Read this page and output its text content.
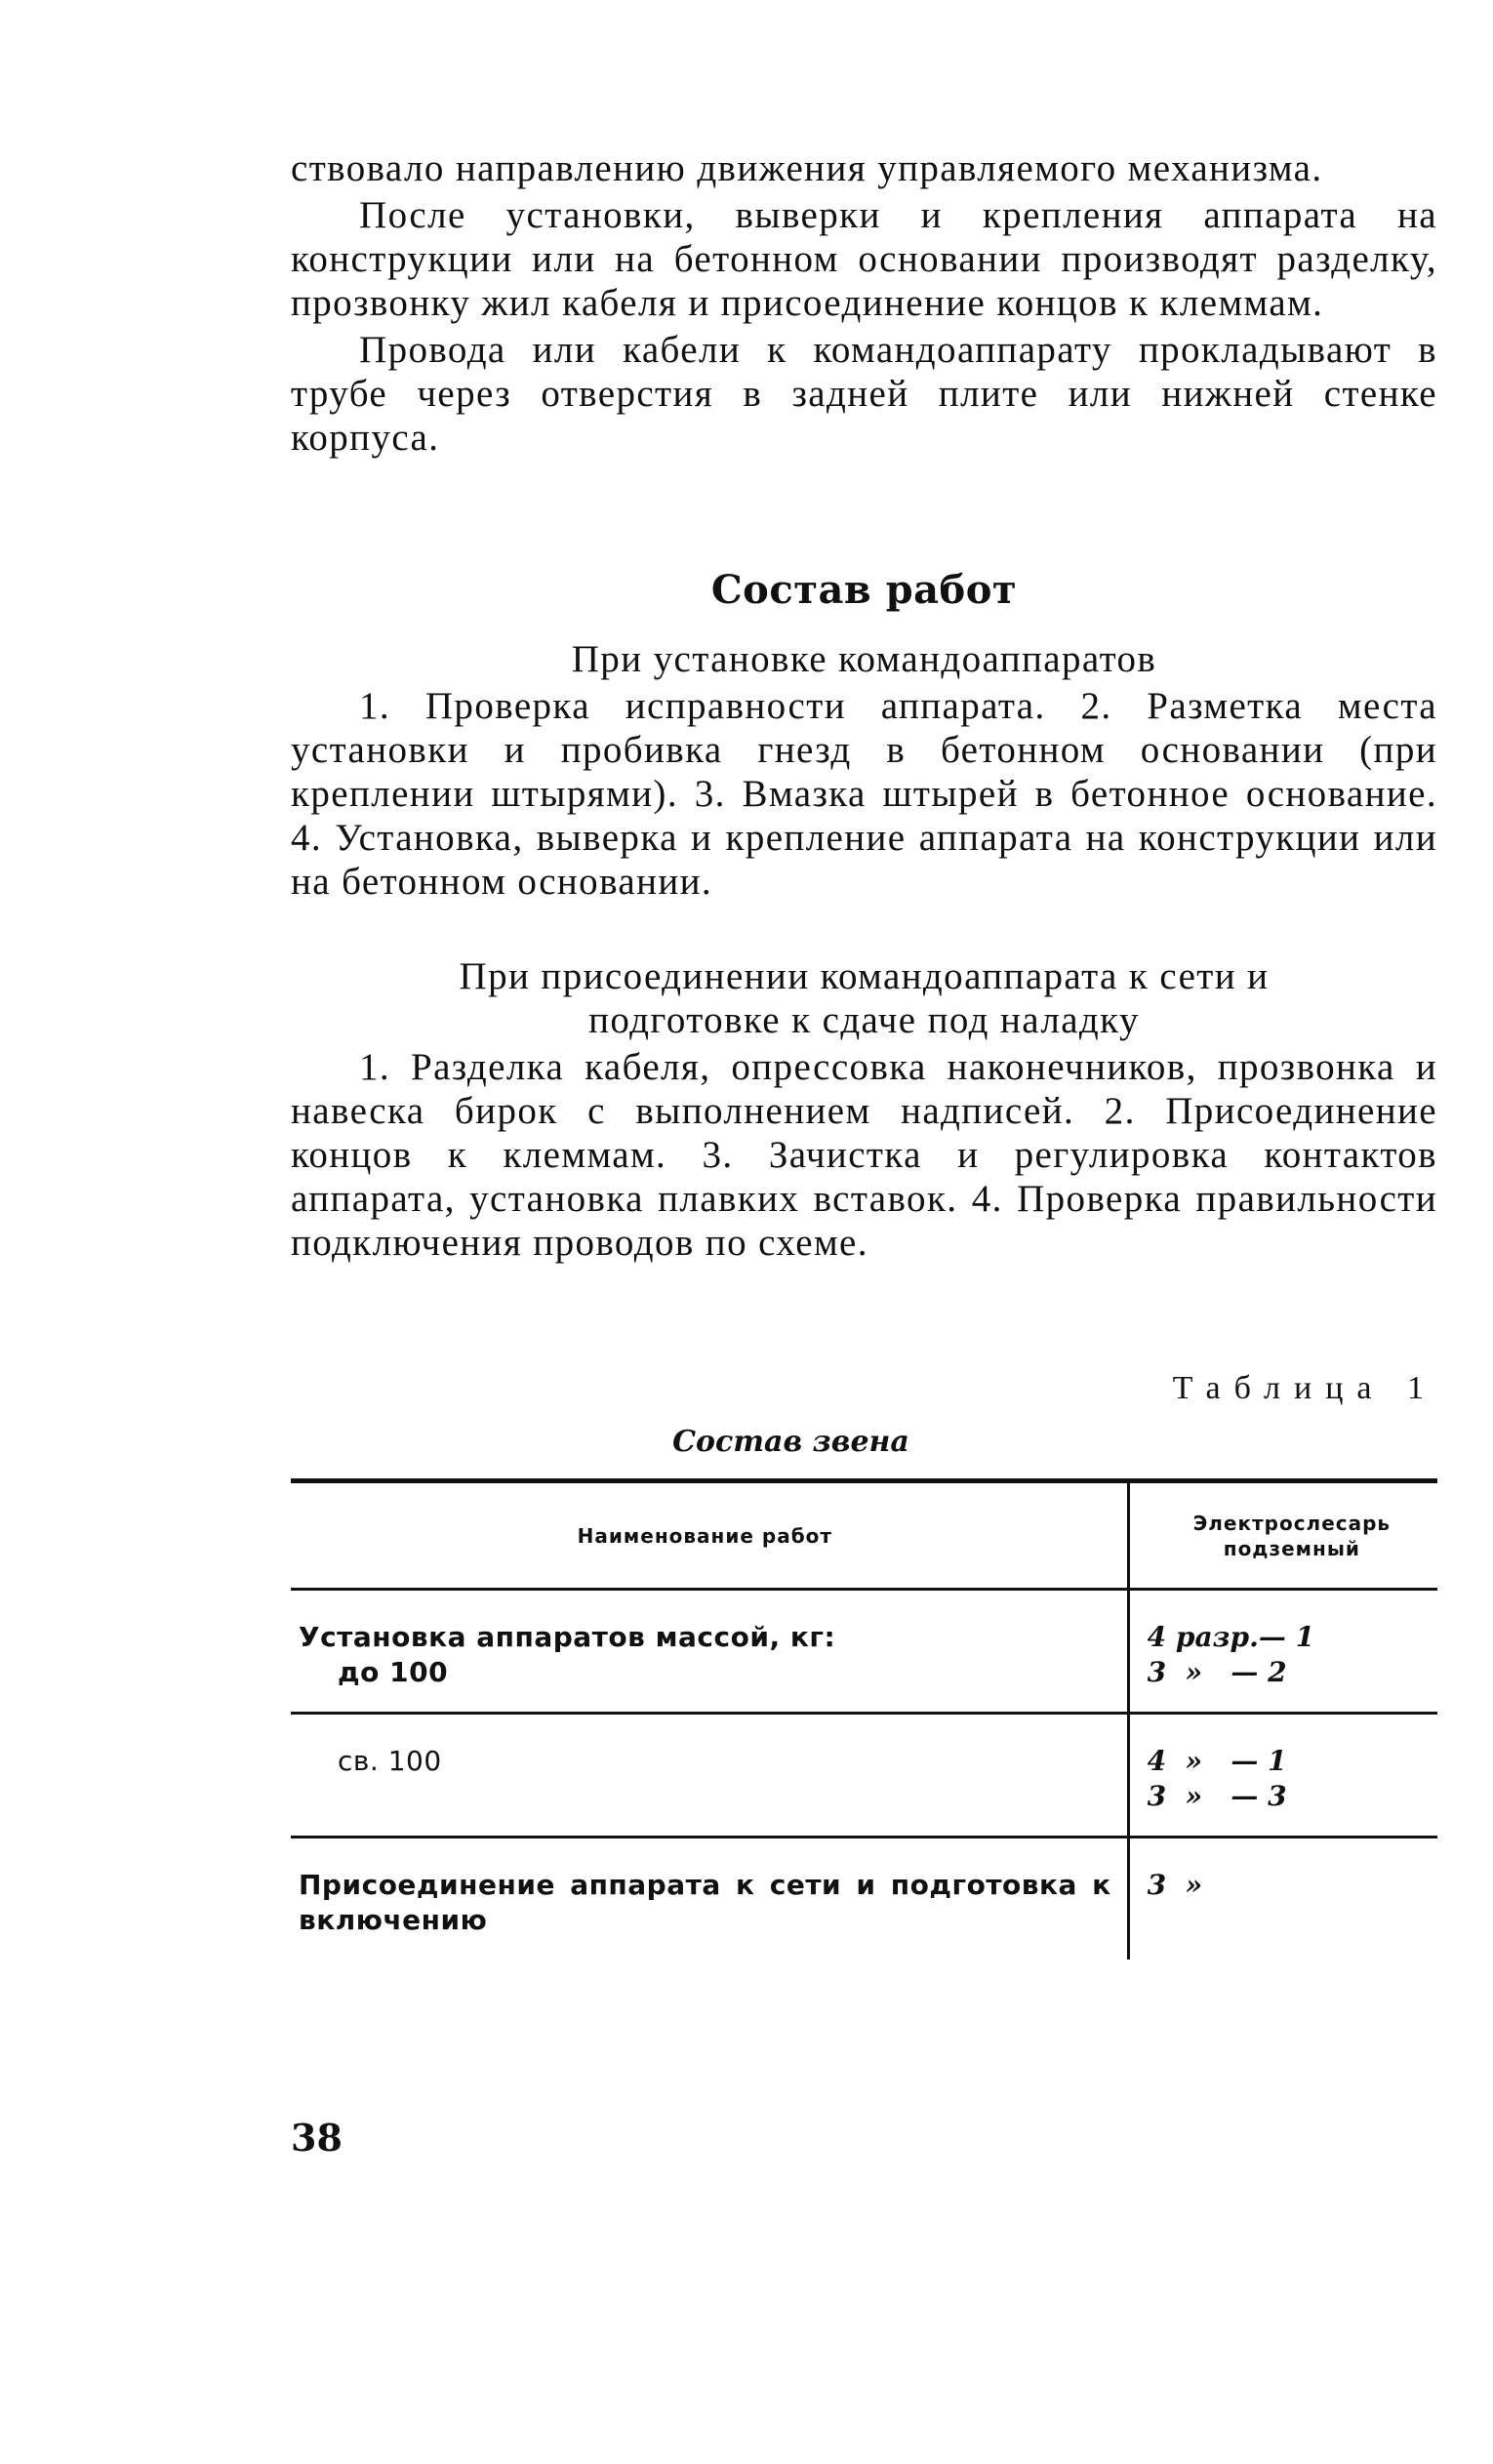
ствовало направлению движения управляемого механизма.

После установки, выверки и крепления аппарата на конструкции или на бетонном основании производят разделку, прозвонку жил кабеля и присоединение концов к клеммам.

Провода или кабели к командоаппарату прокладывают в трубе через отверстия в задней плите или нижней стенке корпуса.

Состав работ
При установке командоаппаратов

1. Проверка исправности аппарата. 2. Разметка места установки и пробивка гнезд в бетонном основании (при креплении штырями). 3. Вмазка штырей в бетонное основание. 4. Установка, выверка и крепление аппарата на конструкции или на бетонном основании.

При присоединении командоаппарата к сети и подготовке к сдаче под наладку

1. Разделка кабеля, опрессовка наконечников, прозвонка и навеска бирок с выполнением надписей. 2. Присоединение концов к клеммам. 3. Зачистка и регулировка контактов аппарата, установка плавких вставок. 4. Проверка правильности подключения проводов по схеме.

Таблица 1
Состав звена
Наименование работ	Электрослесарь подземный

Установка аппаратов массой, кг:
до 100	4 разр.— 1
3  »   — 2

св. 100	4  »   — 1
3  »   — 3

Присоединение аппарата к сети и подготовка к включению	3  »
38
